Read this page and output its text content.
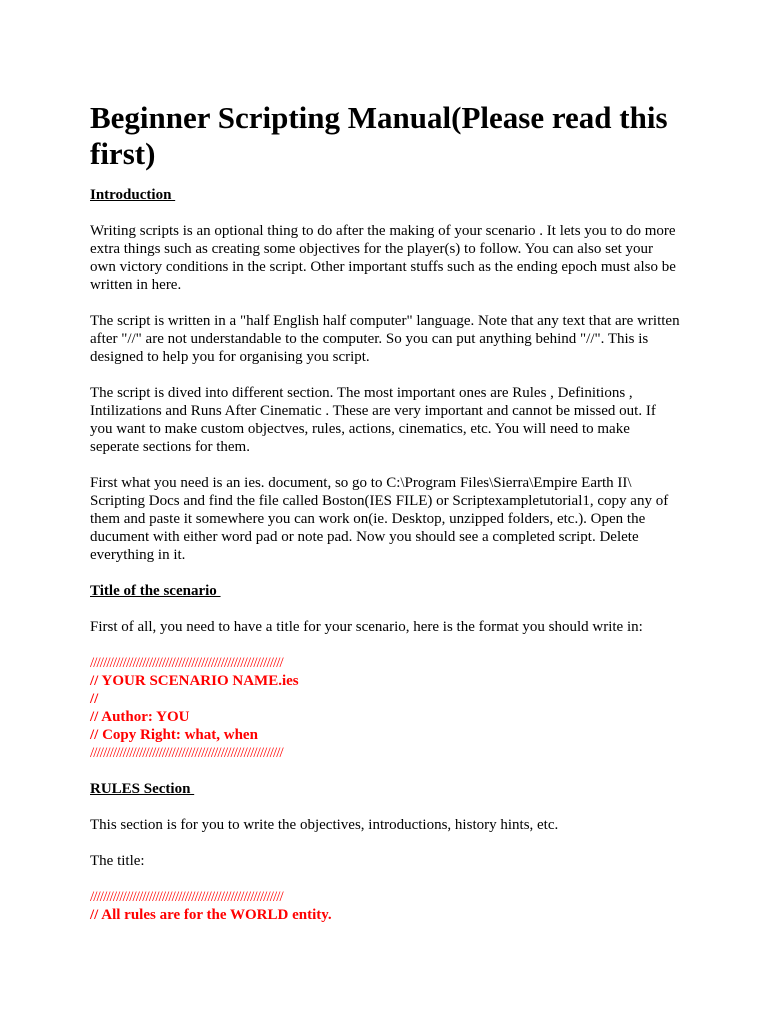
Beginner Scripting Manual(Please read this first)
Introduction

Writing scripts is an optional thing to do after the making of your scenario . It lets you to do more extra things such as creating some objectives for the player(s) to follow. You can also set your own victory conditions in the script. Other important stuffs such as the ending epoch must also be written in here.

The script is written in a "half English half computer" language. Note that any text that are written after "//" are not understandable to the computer. So you can put anything behind "//". This is designed to help you for organising you script.

The script is dived into different section. The most important ones are Rules , Definitions , Intilizations and Runs After Cinematic . These are very important and cannot be missed out. If you want to make custom objectves, rules, actions, cinematics, etc. You will need to make seperate sections for them.

First what you need is an ies. document, so go to C:\Program Files\Sierra\Empire Earth II\ Scripting Docs and find the file called Boston(IES FILE) or Scriptexampletutorial1, copy any of them and paste it somewhere you can work on(ie. Desktop, unzipped folders, etc.). Open the ducument with either word pad or note pad. Now you should see a completed script. Delete everything in it.

Title of the scenario

First of all, you need to have a title for your scenario, here is the format you should write in:

///////////////////////////////////////////////////////////
// YOUR SCENARIO NAME.ies
//
// Author: YOU
// Copy Right: what, when
///////////////////////////////////////////////////////////
RULES Section

This section is for you to write the objectives, introductions, history hints, etc.

The title:

///////////////////////////////////////////////////////////
// All rules are for the WORLD entity.
